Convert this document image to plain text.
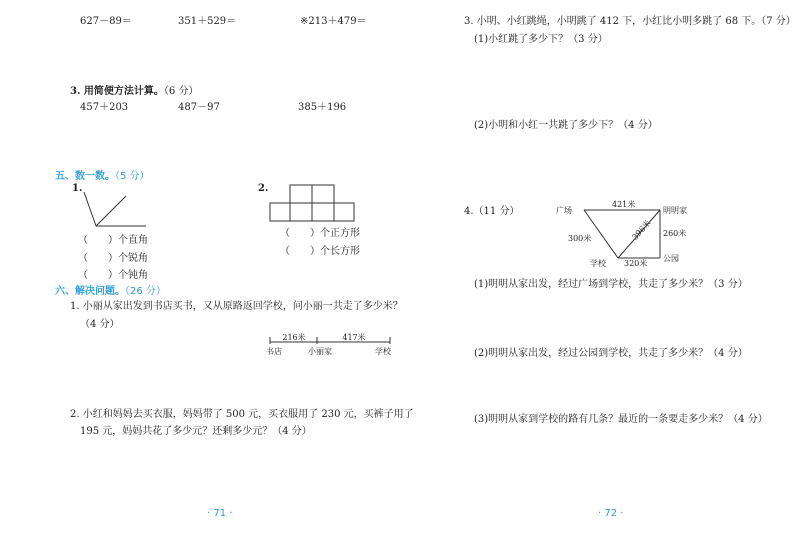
627－89＝	351＋529＝	※213＋479＝
3. 用简便方法计算。（6 分）
457＋203	487－97	385＋196
五、数一数。（5 分）
1.
（　　）个直角
（　　）个锐角
（　　）个钝角
2.
（　　）个正方形
（　　）个长方形
六、解决问题。（26 分）
1. 小丽从家出发到书店买书，又从原路返回学校，问小丽一共走了多少米？
（4 分）
216米	417米
书店	小丽家	学校
2. 小红和妈妈去买衣服，妈妈带了 500 元，买衣服用了 230 元，买裤子用了
195 元，妈妈共花了多少元？还剩多少元？（4 分）
· 71 ·
3. 小明、小红跳绳，小明跳了 412 下，小红比小明多跳了 68 下。（7 分）
(1)小红跳了多少下？（3 分）
(2)小明和小红一共跳了多少下？（4 分）
4.（11 分）	广场	明明家
学校
公园
421米
300米	396米 260米
320米
(1)明明从家出发，经过广场到学校，共走了多少米？（3 分）
(2)明明从家出发，经过公园到学校，共走了多少米？（4 分）
(3)明明从家到学校的路有几条？最近的一条要走多少米？（4 分）
· 72 ·
